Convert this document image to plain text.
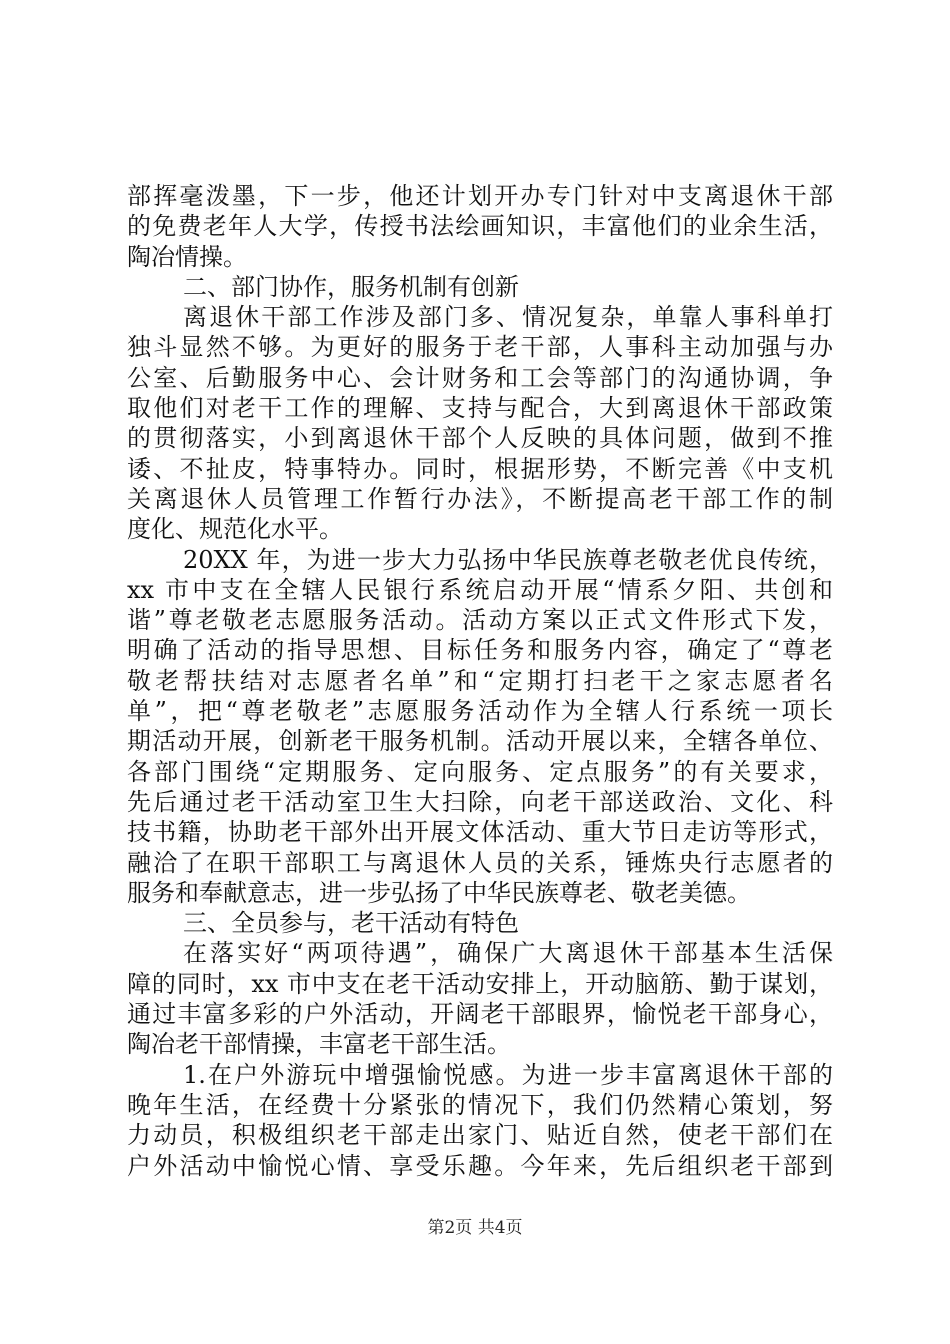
部挥毫泼墨，下一步，他还计划开办专门针对中支离退休干部
的免费老年人大学，传授书法绘画知识，丰富他们的业余生活，
陶冶情操。
二、部门协作，服务机制有创新
离退休干部工作涉及部门多、情况复杂，单靠人事科单打
独斗显然不够。为更好的服务于老干部，人事科主动加强与办
公室、后勤服务中心、会计财务和工会等部门的沟通协调，争
取他们对老干工作的理解、支持与配合，大到离退休干部政策
的贯彻落实，小到离退休干部个人反映的具体问题，做到不推
诿、不扯皮，特事特办。同时，根据形势，不断完善《中支机
关离退休人员管理工作暂行办法》，不断提高老干部工作的制
度化、规范化水平。
20XX 年，为进一步大力弘扬中华民族尊老敬老优良传统，
xx 市中支在全辖人民银行系统启动开展“情系夕阳、共创和
谐”尊老敬老志愿服务活动。活动方案以正式文件形式下发，
明确了活动的指导思想、目标任务和服务内容，确定了“尊老
敬老帮扶结对志愿者名单”和“定期打扫老干之家志愿者名
单”，把“尊老敬老”志愿服务活动作为全辖人行系统一项长
期活动开展，创新老干服务机制。活动开展以来，全辖各单位、
各部门围绕“定期服务、定向服务、定点服务”的有关要求，
先后通过老干活动室卫生大扫除，向老干部送政治、文化、科
技书籍，协助老干部外出开展文体活动、重大节日走访等形式，
融洽了在职干部职工与离退休人员的关系，锤炼央行志愿者的
服务和奉献意志，进一步弘扬了中华民族尊老、敬老美德。
三、全员参与，老干活动有特色
在落实好“两项待遇”，确保广大离退休干部基本生活保
障的同时，xx 市中支在老干活动安排上，开动脑筋、勤于谋划，
通过丰富多彩的户外活动，开阔老干部眼界，愉悦老干部身心，
陶冶老干部情操，丰富老干部生活。
1.在户外游玩中增强愉悦感。为进一步丰富离退休干部的
晚年生活，在经费十分紧张的情况下，我们仍然精心策划，努
力动员，积极组织老干部走出家门、贴近自然，使老干部们在
户外活动中愉悦心情、享受乐趣。今年来，先后组织老干部到
第2页 共4页
